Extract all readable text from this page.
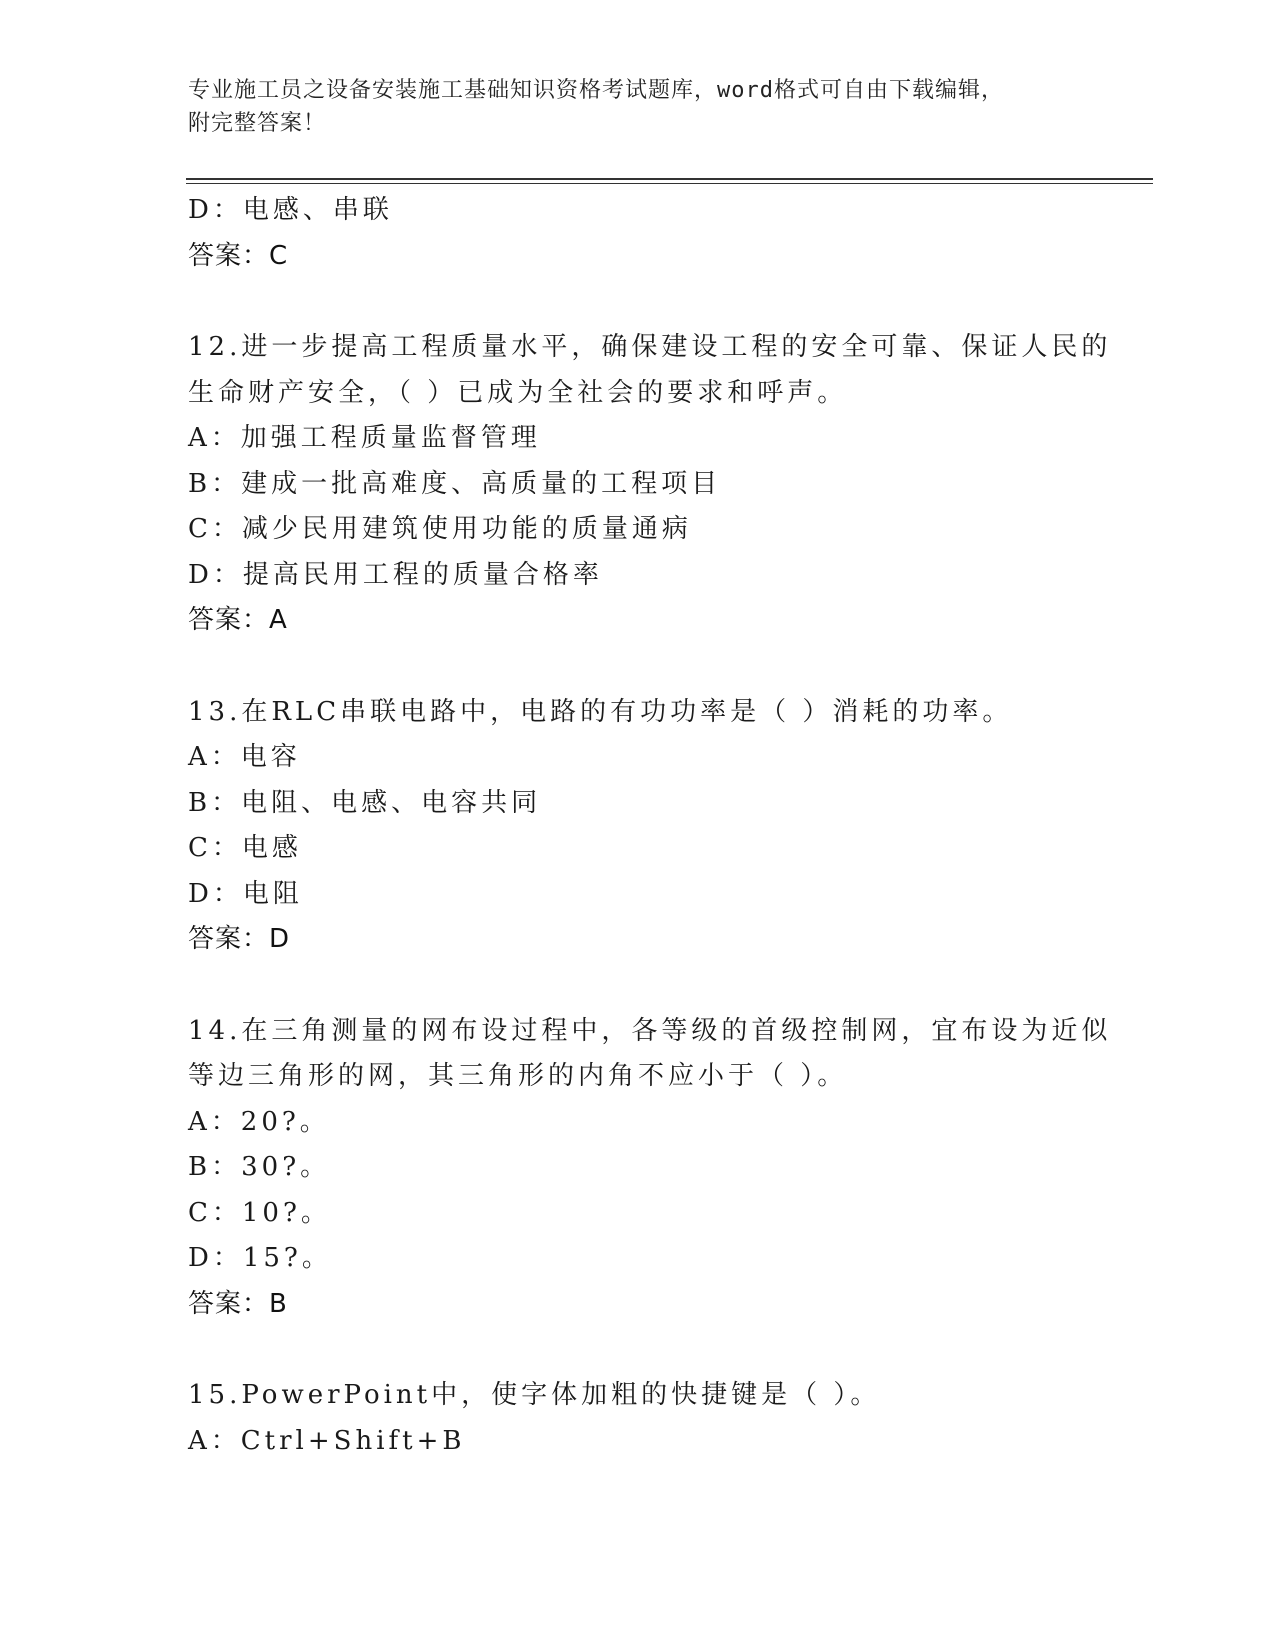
专业施工员之设备安装施工基础知识资格考试题库，word格式可自由下载编辑，
附完整答案！
D：电感、串联
答案：C
12.进一步提高工程质量水平，确保建设工程的安全可靠、保证人民的
生命财产安全，（ ）已成为全社会的要求和呼声。
A：加强工程质量监督管理
B：建成一批高难度、高质量的工程项目
C：减少民用建筑使用功能的质量通病
D：提高民用工程的质量合格率
答案：A
13.在RLC串联电路中，电路的有功功率是（ ）消耗的功率。
A：电容
B：电阻、电感、电容共同
C：电感
D：电阻
答案：D
14.在三角测量的网布设过程中，各等级的首级控制网，宜布设为近似
等边三角形的网，其三角形的内角不应小于（ ）。
A：20?。
B：30?。
C：10?。
D：15?。
答案：B
15.PowerPoint中，使字体加粗的快捷键是（ ）。
A：Ctrl+Shift+B
